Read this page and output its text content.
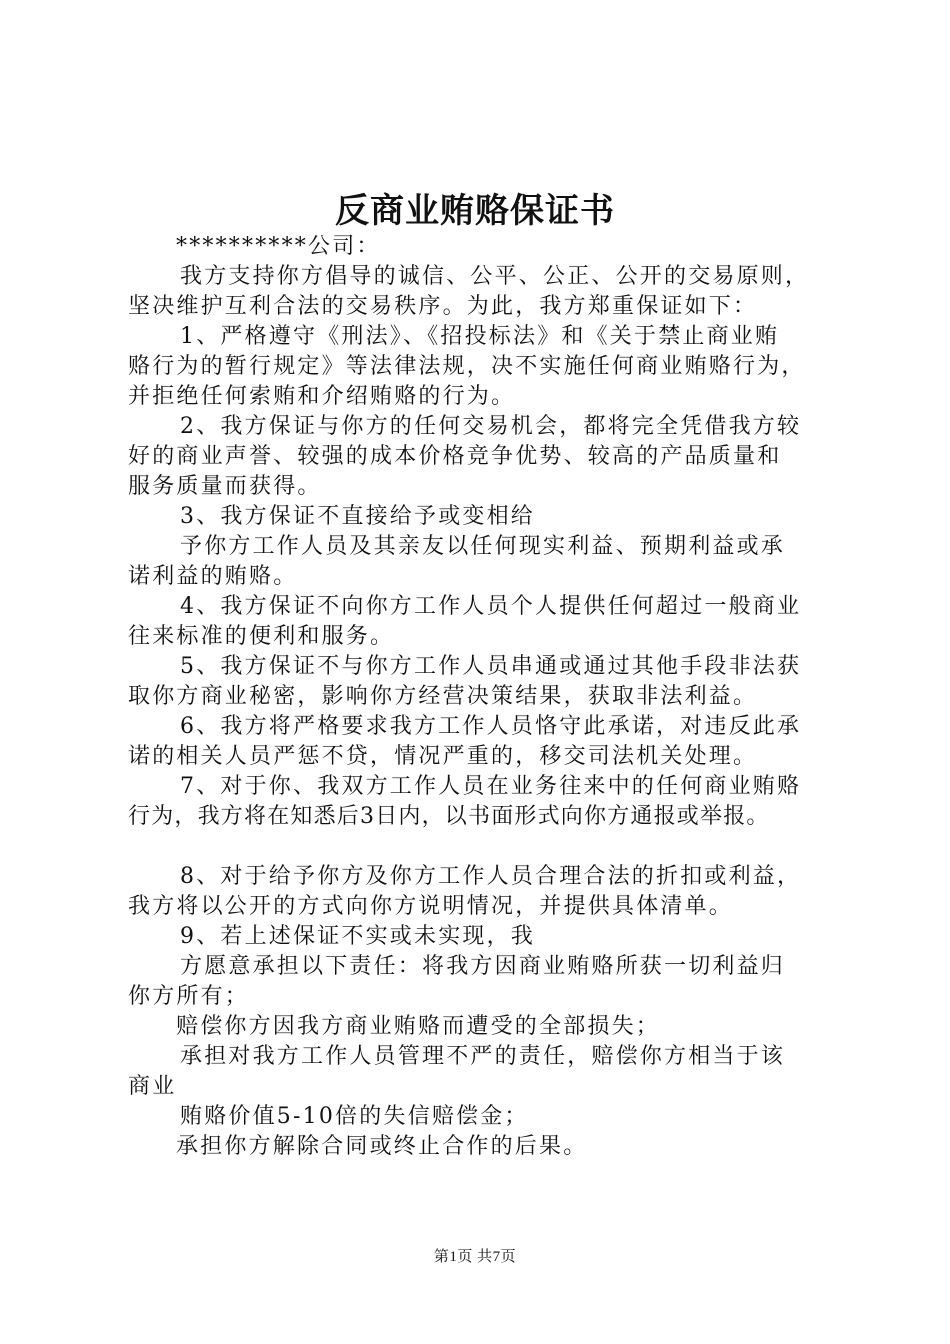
反商业贿赂保证书
**********公司：
我方支持你方倡导的诚信、公平、公正、公开的交易原则，
坚决维护互利合法的交易秩序。为此，我方郑重保证如下：
1、严格遵守《刑法》、《招投标法》和《关于禁止商业贿
赂行为的暂行规定》等法律法规，决不实施任何商业贿赂行为，
并拒绝任何索贿和介绍贿赂的行为。
2、我方保证与你方的任何交易机会，都将完全凭借我方较
好的商业声誉、较强的成本价格竞争优势、较高的产品质量和
服务质量而获得。
3、我方保证不直接给予或变相给
予你方工作人员及其亲友以任何现实利益、预期利益或承
诺利益的贿赂。
4、我方保证不向你方工作人员个人提供任何超过一般商业
往来标准的便利和服务。
5、我方保证不与你方工作人员串通或通过其他手段非法获
取你方商业秘密，影响你方经营决策结果，获取非法利益。
6、我方将严格要求我方工作人员恪守此承诺，对违反此承
诺的相关人员严惩不贷，情况严重的，移交司法机关处理。
7、对于你、我双方工作人员在业务往来中的任何商业贿赂
行为，我方将在知悉后3日内，以书面形式向你方通报或举报。
8、对于给予你方及你方工作人员合理合法的折扣或利益，
我方将以公开的方式向你方说明情况，并提供具体清单。
9、若上述保证不实或未实现，我
方愿意承担以下责任：将我方因商业贿赂所获一切利益归
你方所有；
赔偿你方因我方商业贿赂而遭受的全部损失；
承担对我方工作人员管理不严的责任，赔偿你方相当于该
商业
贿赂价值5-10倍的失信赔偿金；
承担你方解除合同或终止合作的后果。
第1页 共7页
